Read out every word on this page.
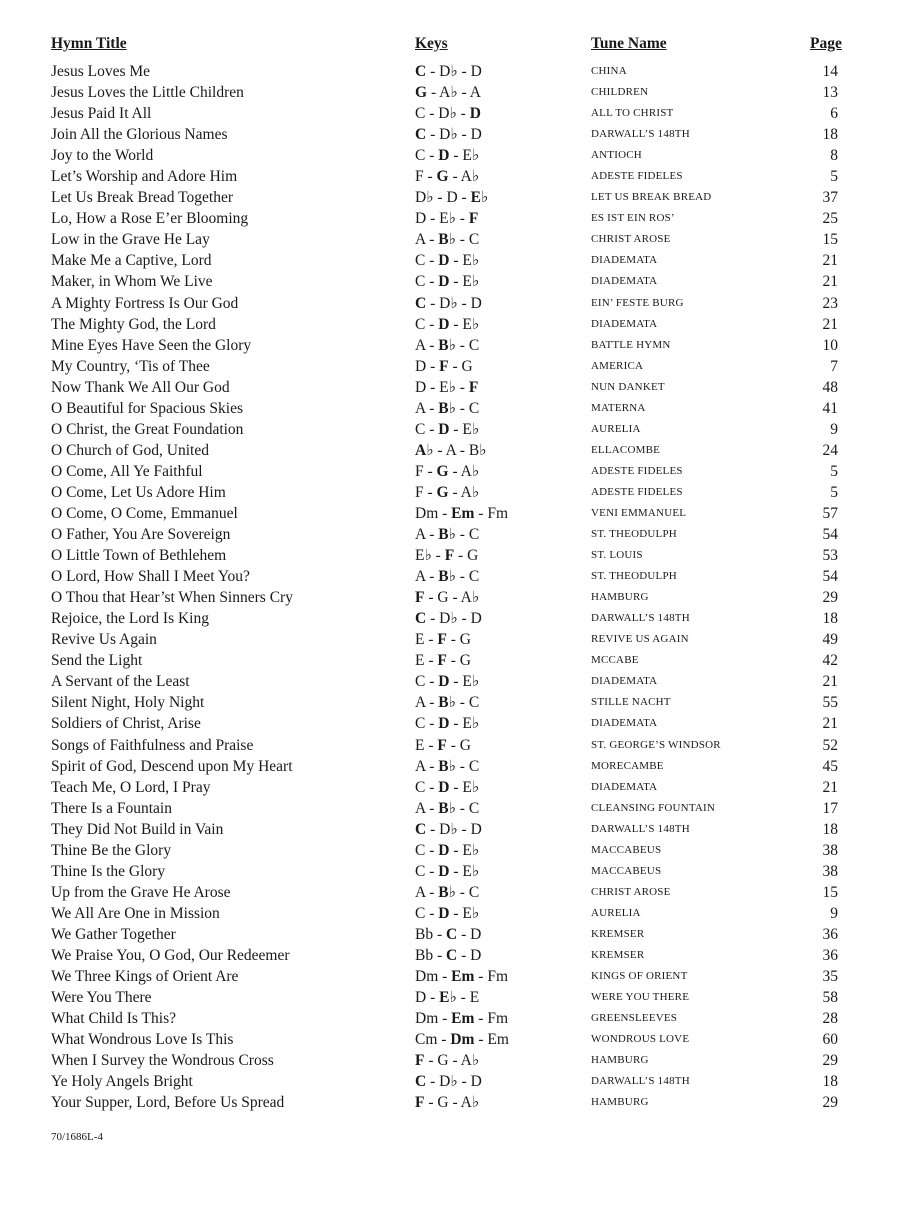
Hymn Title	Keys	Tune Name	Page
Jesus Loves Me	C - D♭ - D	CHINA	14
Jesus Loves the Little Children	G - A♭ - A	CHILDREN	13
Jesus Paid It All	C - D♭ - D	ALL TO CHRIST	6
Join All the Glorious Names	C - D♭ - D	DARWALL’S 148TH	18
Joy to the World	C - D - E♭	ANTIOCH	8
Let’s Worship and Adore Him	F - G - A♭	ADESTE FIDELES	5
Let Us Break Bread Together	D♭ - D - E♭	LET US BREAK BREAD	37
Lo, How a Rose E’er Blooming	D - E♭ - F	ES IST EIN ROS’	25
Low in the Grave He Lay	A - B♭ - C	CHRIST AROSE	15
Make Me a Captive, Lord	C - D - E♭	DIADEMATA	21
Maker, in Whom We Live	C - D - E♭	DIADEMATA	21
A Mighty Fortress Is Our God	C - D♭ - D	EIN’ FESTE BURG	23
The Mighty God, the Lord	C - D - E♭	DIADEMATA	21
Mine Eyes Have Seen the Glory	A - B♭ - C	BATTLE HYMN	10
My Country, ‘Tis of Thee	D - F - G	AMERICA	7
Now Thank We All Our God	D - E♭ - F	NUN DANKET	48
O Beautiful for Spacious Skies	A - B♭ - C	MATERNA	41
O Christ, the Great Foundation	C - D - E♭	AURELIA	9
O Church of God, United	A♭ - A - B♭	ELLACOMBE	24
O Come, All Ye Faithful	F - G - A♭	ADESTE FIDELES	5
O Come, Let Us Adore Him	F - G - A♭	ADESTE FIDELES	5
O Come, O Come, Emmanuel	Dm - Em - Fm	VENI EMMANUEL	57
O Father, You Are Sovereign	A - B♭ - C	ST. THEODULPH	54
O Little Town of Bethlehem	E♭ - F - G	ST. LOUIS	53
O Lord, How Shall I Meet You?	A - B♭ - C	ST. THEODULPH	54
O Thou that Hear’st When Sinners Cry	F - G - A♭	HAMBURG	29
Rejoice, the Lord Is King	C - D♭ - D	DARWALL’S 148TH	18
Revive Us Again	E - F - G	REVIVE US AGAIN	49
Send the Light	E - F - G	MCCABE	42
A Servant of the Least	C - D - E♭	DIADEMATA	21
Silent Night, Holy Night	A - B♭ - C	STILLE NACHT	55
Soldiers of Christ, Arise	C - D - E♭	DIADEMATA	21
Songs of Faithfulness and Praise	E - F - G	ST. GEORGE’S WINDSOR	52
Spirit of God, Descend upon My Heart	A - B♭ - C	MORECAMBE	45
Teach Me, O Lord, I Pray	C - D - E♭	DIADEMATA	21
There Is a Fountain	A - B♭ - C	CLEANSING FOUNTAIN	17
They Did Not Build in Vain	C - D♭ - D	DARWALL’S 148TH	18
Thine Be the Glory	C - D - E♭	MACCABEUS	38
Thine Is the Glory	C - D - E♭	MACCABEUS	38
Up from the Grave He Arose	A - B♭ - C	CHRIST AROSE	15
We All Are One in Mission	C - D - E♭	AURELIA	9
We Gather Together	Bb - C - D	KREMSER	36
We Praise You, O God, Our Redeemer	Bb - C - D	KREMSER	36
We Three Kings of Orient Are	Dm - Em - Fm	KINGS OF ORIENT	35
Were You There	D - E♭ - E	WERE YOU THERE	58
What Child Is This?	Dm - Em - Fm	GREENSLEEVES	28
What Wondrous Love Is This	Cm - Dm - Em	WONDROUS LOVE	60
When I Survey the Wondrous Cross	F - G - A♭	HAMBURG	29
Ye Holy Angels Bright	C - D♭ - D	DARWALL’S 148TH	18
Your Supper, Lord, Before Us Spread	F - G - A♭	HAMBURG	29
70/1686L-4
